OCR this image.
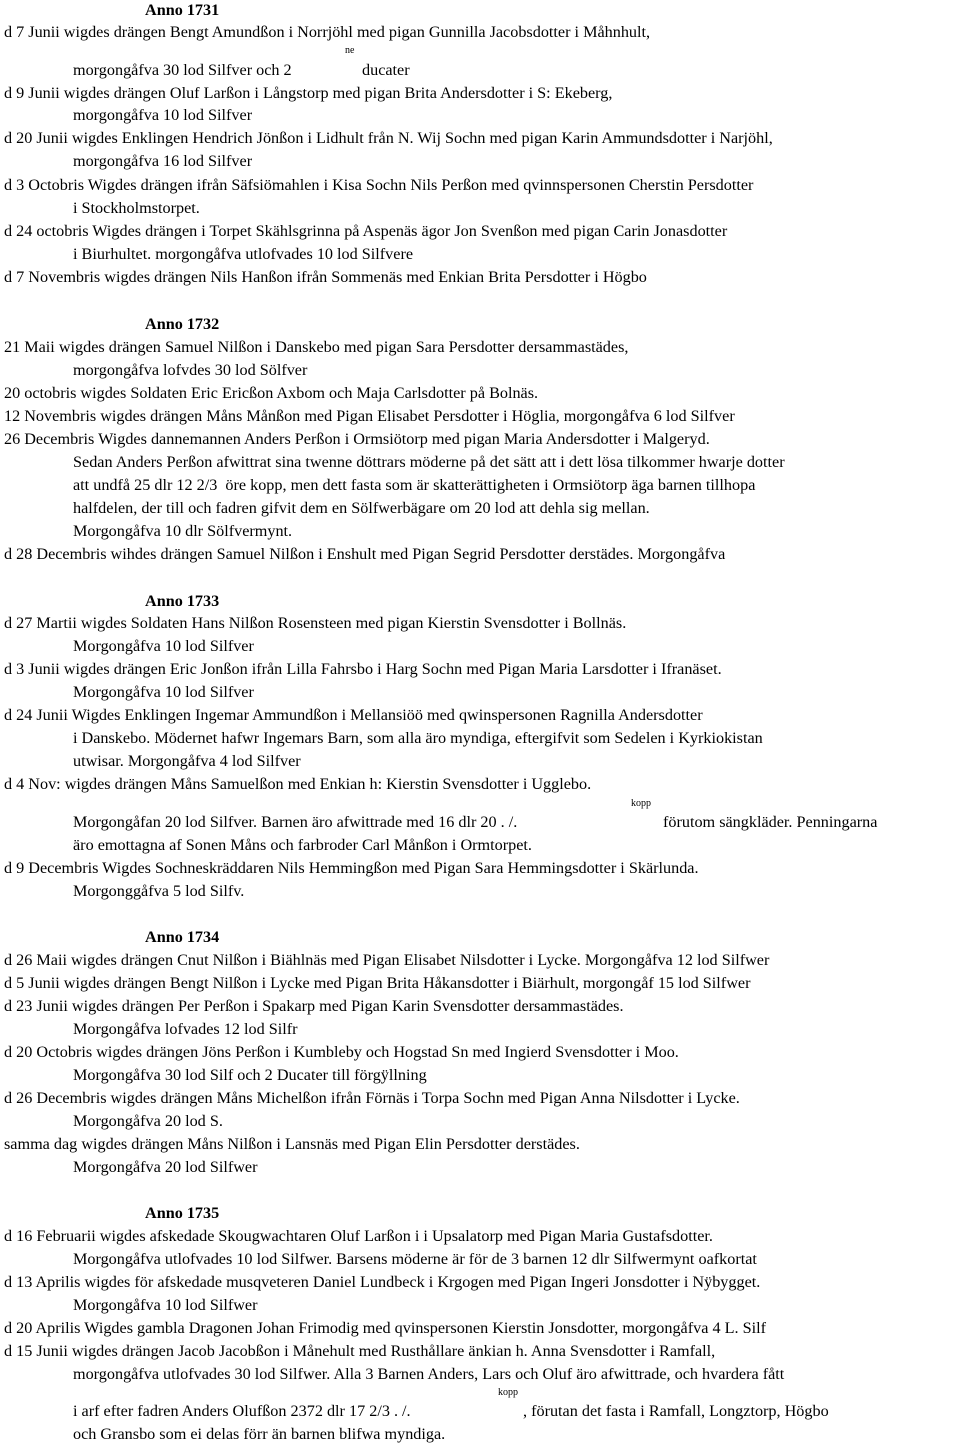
Anno 1731
d 7 Junii wigdes drängen Bengt Amundßon i Norrjöhl med pigan Gunnilla Jacobsdotter i Måhnhult,
ne
morgongåfva 30 lod Silfver och 2	ducater
d 9 Junii wigdes drängen Oluf Larßon i Långstorp med pigan Brita Andersdotter i S: Ekeberg,
morgongåfva 10 lod Silfver
d 20 Junii wigdes Enklingen Hendrich Jönßon i Lidhult från N. Wij Sochn med pigan Karin Ammundsdotter i Narjöhl,
morgongåfva 16 lod Silfver
d 3 Octobris Wigdes drängen ifrån Säfsiömahlen i Kisa Sochn Nils Perßon med qvinnspersonen Cherstin Persdotter
i Stockholmstorpet.
d 24 octobris Wigdes drängen i Torpet Skählsgrinna på Aspenäs ägor Jon Svenßon med pigan Carin Jonasdotter
i Biurhultet. morgongåfva utlofvades 10 lod Silfvere
d 7 Novembris wigdes drängen Nils Hanßon ifrån Sommenäs med Enkian Brita Persdotter i Högbo
Anno 1732
21 Maii wigdes drängen Samuel Nilßon i Danskebo med pigan Sara Persdotter dersammastädes,
morgongåfva lofvdes 30 lod Sölfver
20 octobris wigdes Soldaten Eric Ericßon Axbom och Maja Carlsdotter på Bolnäs.
12 Novembris wigdes drängen Måns Månßon med Pigan Elisabet Persdotter i Höglia, morgongåfva 6 lod Silfver
26 Decembris Wigdes dannemannen Anders Perßon i Ormsiötorp med pigan Maria Andersdotter i Malgeryd.
Sedan Anders Perßon afwittrat sina twenne döttrars möderne på det sätt att i dett lösa tilkommer hwarje dotter
att undfå 25 dlr 12 2/3  öre kopp, men dett fasta som är skatterättigheten i Ormsiötorp äga barnen tillhopa
halfdelen, der till och fadren gifvit dem en Sölfwerbägare om 20 lod att dehla sig mellan.
Morgongåfva 10 dlr Sölfvermynt.
d 28 Decembris wihdes drängen Samuel Nilßon i Enshult med Pigan Segrid Persdotter derstädes. Morgongåfva
Anno 1733
d 27 Martii wigdes Soldaten Hans Nilßon Rosensteen med pigan Kierstin Svensdotter i Bollnäs.
Morgongåfva 10 lod Silfver
d 3 Junii wigdes drängen Eric Jonßon ifrån Lilla Fahrsbo i Harg Sochn med Pigan Maria Larsdotter i Ifranäset.
Morgongåfva 10 lod Silfver
d 24 Junii Wigdes Enklingen Ingemar Ammundßon i Mellansiöö med qwinspersonen Ragnilla Andersdotter
i Danskebo. Mödernet hafwr Ingemars Barn, som alla äro myndiga, eftergifvit som Sedelen i Kyrkiokistan
utwisar. Morgongåfva 4 lod Silfver
d 4 Nov: wigdes drängen Måns Samuelßon med Enkian h: Kierstin Svensdotter i Ugglebo.
kopp
Morgongåfan 20 lod Silfver. Barnen äro afwittrade med 16 dlr 20 . /.	förutom sängkläder. Penningarna
äro emottagna af Sonen Måns och farbroder Carl Månßon i Ormtorpet.
d 9 Decembris Wigdes Sochneskräddaren Nils Hemmingßon med Pigan Sara Hemmingsdotter i Skärlunda.
Morgonggåfva 5 lod Silfv.
Anno 1734
d 26 Maii wigdes drängen Cnut Nilßon i Biählnäs med Pigan Elisabet Nilsdotter i Lycke. Morgongåfva 12 lod Silfwer
d 5 Junii wigdes drängen Bengt Nilßon i Lycke med Pigan Brita Håkansdotter i Biärhult, morgongåf 15 lod Silfwer
d 23 Junii wigdes drängen Per Perßon i Spakarp med Pigan Karin Svensdotter dersammastädes.
Morgongåfva lofvades 12 lod Silfr
d 20 Octobris wigdes drängen Jöns Perßon i Kumbleby och Hogstad Sn med Ingierd Svensdotter i Moo.
Morgongåfva 30 lod Silf och 2 Ducater till förgÿllning
d 26 Decembris wigdes drängen Måns Michelßon ifrån Förnäs i Torpa Sochn med Pigan Anna Nilsdotter i Lycke.
Morgongåfva 20 lod S.
samma dag wigdes drängen Måns Nilßon i Lansnäs med Pigan Elin Persdotter derstädes.
Morgongåfva 20 lod Silfwer
Anno 1735
d 16 Februarii wigdes afskedade Skougwachtaren Oluf Larßon i i Upsalatorp med Pigan Maria Gustafsdotter.
Morgongåfva utlofvades 10 lod Silfwer. Barsens möderne är för de 3 barnen 12 dlr Silfwermynt oafkortat
d 13 Aprilis wigdes för afskedade musqveteren Daniel Lundbeck i Krgogen med Pigan Ingeri Jonsdotter i Nÿbygget.
Morgongåfva 10 lod Silfwer
d 20 Aprilis Wigdes gambla Dragonen Johan Frimodig med qvinspersonen Kierstin Jonsdotter, morgongåfva 4 L. Silf
d 15 Junii wigdes drängen Jacob Jacobßon i Månehult med Rusthållare änkian h. Anna Svensdotter i Ramfall,
morgongåfva utlofvades 30 lod Silfwer. Alla 3 Barnen Anders, Lars och Oluf äro afwittrade, och hvardera fått
kopp
i arf efter fadren Anders Olufßon 2372 dlr 17 2/3 . /.	, förutan det fasta i Ramfall, Longztorp, Högbo
och Gransbo som ei delas förr än barnen blifwa myndiga.
